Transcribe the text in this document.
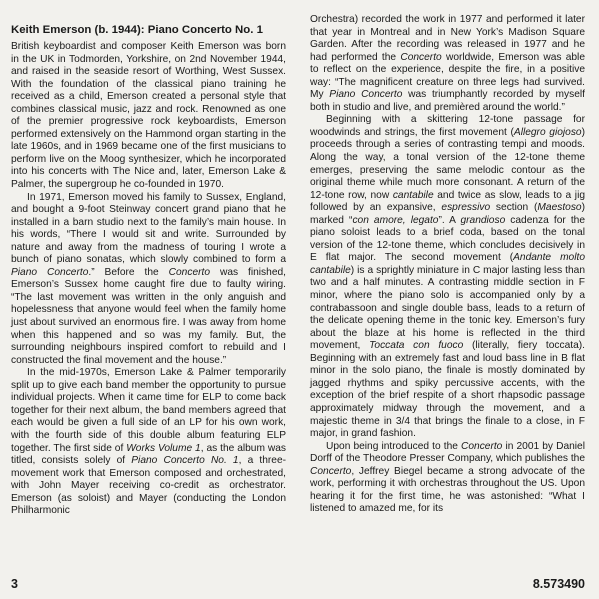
Keith Emerson (b. 1944): Piano Concerto No. 1

British keyboardist and composer Keith Emerson was born in the UK in Todmorden, Yorkshire, on 2nd November 1944, and raised in the seaside resort of Worthing, West Sussex. With the foundation of the classical piano training he received as a child, Emerson created a personal style that combines classical music, jazz and rock. Renowned as one of the premier progressive rock keyboardists, Emerson performed extensively on the Hammond organ starting in the late 1960s, and in 1969 became one of the first musicians to perform live on the Moog synthesizer, which he incorporated into his concerts with The Nice and, later, Emerson Lake & Palmer, the supergroup he co-founded in 1970.

In 1971, Emerson moved his family to Sussex, England, and bought a 9-foot Steinway concert grand piano that he installed in a barn studio next to the family’s main house. In his words, “There I would sit and write. Surrounded by nature and away from the madness of touring I wrote a bunch of piano sonatas, which slowly combined to form a Piano Concerto.” Before the Concerto was finished, Emerson’s Sussex home caught fire due to faulty wiring. “The last movement was written in the only anguish and hopelessness that anyone would feel when the family home just about survived an enormous fire. I was away from home when this happened and so was my family. But, the surrounding neighbours inspired comfort to rebuild and I constructed the final movement and the house.”

In the mid-1970s, Emerson Lake & Palmer temporarily split up to give each band member the opportunity to pursue individual projects. When it came time for ELP to come back together for their next album, the band members agreed that each would be given a full side of an LP for his own work, with the fourth side of this double album featuring ELP together. The first side of Works Volume 1, as the album was titled, consists solely of Piano Concerto No. 1, a three-movement work that Emerson composed and orchestrated, with John Mayer receiving co-credit as orchestrator. Emerson (as soloist) and Mayer (conducting the London Philharmonic

Orchestra) recorded the work in 1977 and performed it later that year in Montreal and in New York’s Madison Square Garden. After the recording was released in 1977 and he had performed the Concerto worldwide, Emerson was able to reflect on the experience, despite the fire, in a positive way: “The magnificent creature on three legs had survived. My Piano Concerto was triumphantly recorded by myself both in studio and live, and premièred around the world.”

Beginning with a skittering 12-tone passage for woodwinds and strings, the first movement (Allegro giojoso) proceeds through a series of contrasting tempi and moods. Along the way, a tonal version of the 12-tone theme emerges, preserving the same melodic contour as the original theme while much more consonant. A return of the 12-tone row, now cantabile and twice as slow, leads to a jig followed by an expansive, espressivo section (Maestoso) marked “con amore, legato”. A grandioso cadenza for the piano soloist leads to a brief coda, based on the tonal version of the 12-tone theme, which concludes decisively in E flat major. The second movement (Andante molto cantabile) is a sprightly miniature in C major lasting less than two and a half minutes. A contrasting middle section in F minor, where the piano solo is accompanied only by a contrabassoon and single double bass, leads to a return of the delicate opening theme in the tonic key. Emerson’s fury about the blaze at his home is reflected in the third movement, Toccata con fuoco (literally, fiery toccata). Beginning with an extremely fast and loud bass line in B flat minor in the solo piano, the finale is mostly dominated by jagged rhythms and spiky percussive accents, with the exception of the brief respite of a short rhapsodic passage approximately midway through the movement, and a majestic theme in 3/4 that brings the finale to a close, in F major, in grand fashion.

Upon being introduced to the Concerto in 2001 by Daniel Dorff of the Theodore Presser Company, which publishes the Concerto, Jeffrey Biegel became a strong advocate of the work, performing it with orchestras throughout the US. Upon hearing it for the first time, he was astonished: “What I listened to amazed me, for its

3	8.573490
